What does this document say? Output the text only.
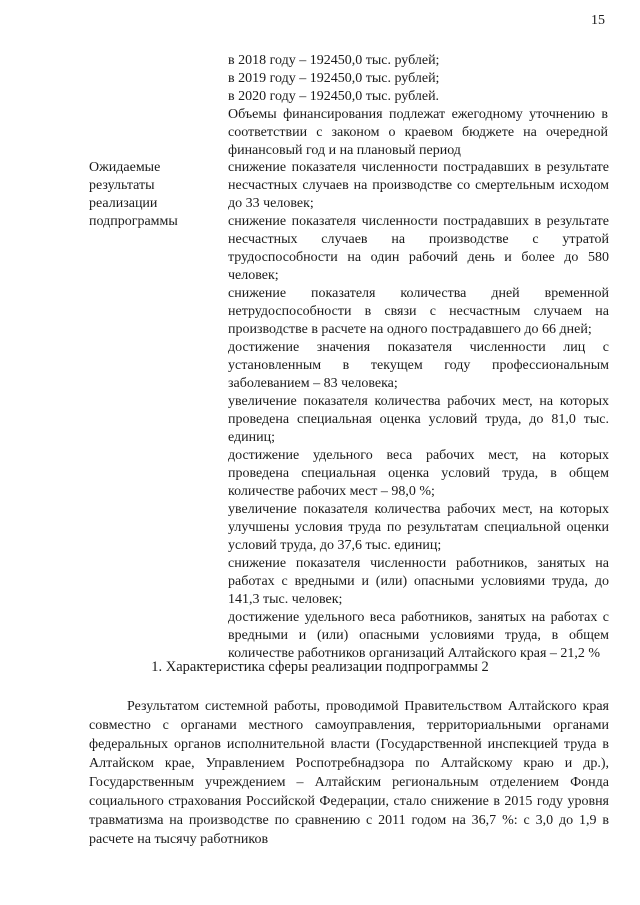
15
в 2018 году – 192450,0 тыс. рублей;
в 2019 году – 192450,0 тыс. рублей;
в 2020 году – 192450,0 тыс. рублей.
Объемы финансирования подлежат ежегодному уточнению в соответствии с законом о краевом бюджете на очередной финансовый год и на плановый период
Ожидаемые результаты реализации подпрограммы
снижение показателя численности пострадавших в результате несчастных случаев на производстве со смертельным исходом до 33 человек;
снижение показателя численности пострадавших в результате несчастных случаев на производстве с утратой трудоспособности на один рабочий день и более до 580 человек;
снижение показателя количества дней временной нетрудоспособности в связи с несчастным случаем на производстве в расчете на одного пострадавшего до 66 дней;
достижение значения показателя численности лиц с установленным в текущем году профессиональным заболеванием – 83 человека;
увеличение показателя количества рабочих мест, на которых проведена специальная оценка условий труда, до 81,0 тыс. единиц;
достижение удельного веса рабочих мест, на которых проведена специальная оценка условий труда, в общем количестве рабочих мест – 98,0 %;
увеличение показателя количества рабочих мест, на которых улучшены условия труда по результатам специальной оценки условий труда, до 37,6 тыс. единиц;
снижение показателя численности работников, занятых на работах с вредными и (или) опасными условиями труда, до 141,3 тыс. человек;
достижение удельного веса работников, занятых на работах с вредными и (или) опасными условиями труда, в общем количестве работников организаций Алтайского края – 21,2 %
1. Характеристика сферы реализации подпрограммы 2
Результатом системной работы, проводимой Правительством Алтайского края совместно с органами местного самоуправления, территориальными органами федеральных органов исполнительной власти (Государственной инспекцией труда в Алтайском крае, Управлением Роспотребнадзора по Алтайскому краю и др.), Государственным учреждением – Алтайским региональным отделением Фонда социального страхования Российской Федерации, стало снижение в 2015 году уровня травматизма на производстве по сравнению с 2011 годом на 36,7 %: с 3,0 до 1,9 в расчете на тысячу работников
